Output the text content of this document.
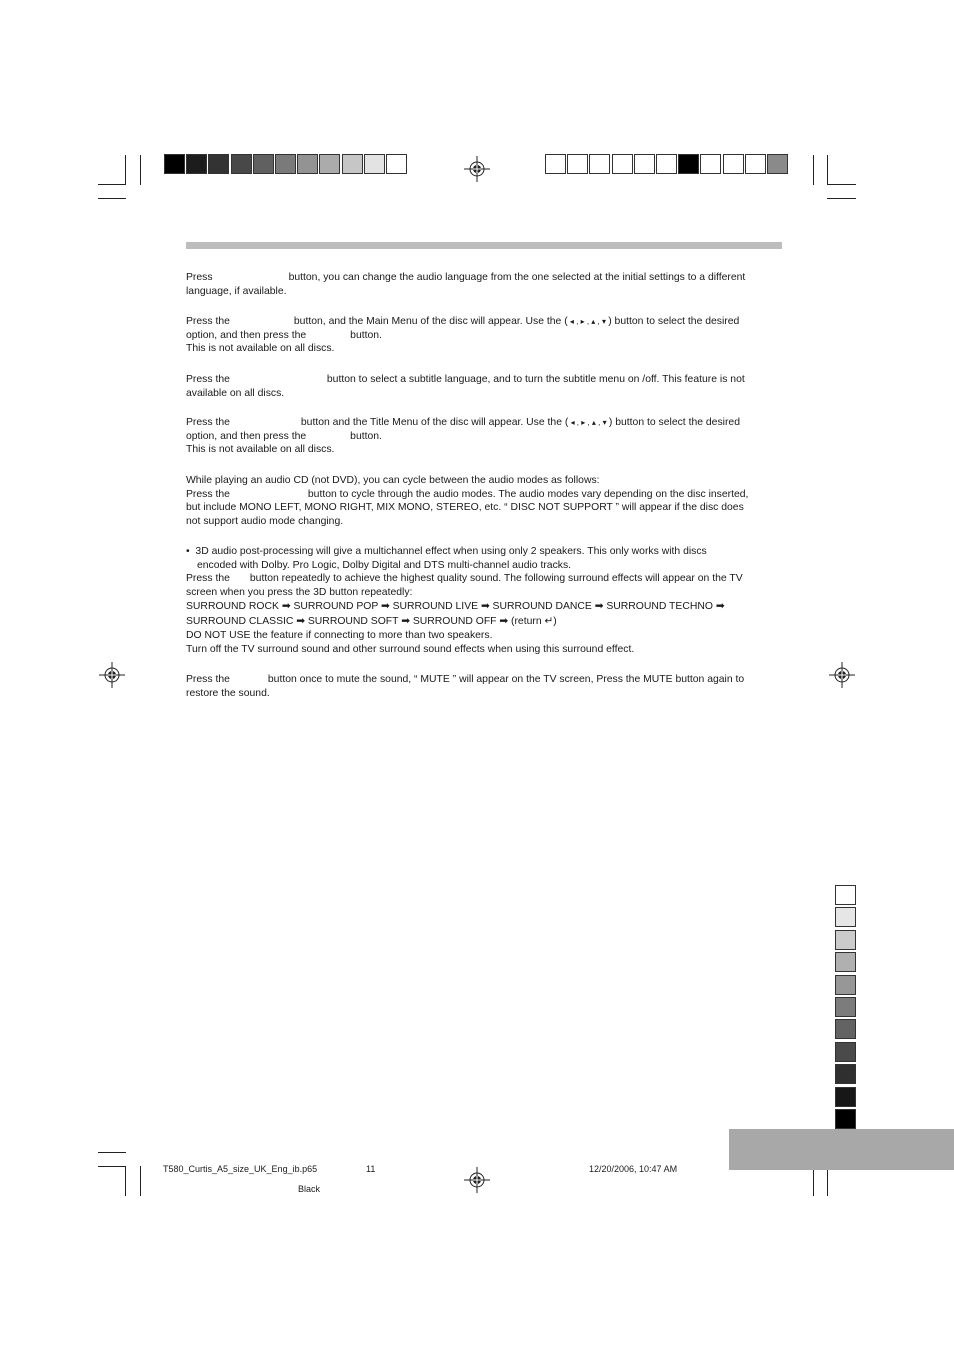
Press	button, you can change the audio language from the one selected at the initial settings to a different

language, if available.

Press the	button, and the Main Menu of the disc will appear. Use the ( ◂ , ▸ , ▴ , ▾ ) button to select the desired

option, and then press the	button.

This is not available on all discs.

Press the	button to select a subtitle language, and to turn the subtitle menu on /off. This feature is not

available on all discs.

Press the	button and the Title Menu of the disc will appear. Use the ( ◂ , ▸ , ▴ , ▾ ) button to select the desired

option, and then press the	button.

This is not available on all discs.

While playing an audio CD (not DVD), you can cycle between the audio modes as follows:

Press the	button to cycle through the audio modes. The audio modes vary depending on the disc inserted,

but include MONO LEFT, MONO RIGHT, MIX MONO, STEREO, etc. “ DISC NOT SUPPORT ” will appear if the disc does

not support audio mode changing.

•  3D audio post-processing will give a multichannel effect when using only 2 speakers. This only works with discs

encoded with Dolby. Pro Logic, Dolby Digital and DTS multi-channel audio tracks.

Press the button repeatedly to achieve the highest quality sound. The following surround effects will appear on the TV

screen when you press the 3D button repeatedly:

SURROUND ROCK ➡ SURROUND POP ➡ SURROUND LIVE ➡ SURROUND DANCE ➡ SURROUND TECHNO ➡

SURROUND CLASSIC ➡ SURROUND SOFT ➡ SURROUND OFF ➡ (return ↵)

DO NOT USE the feature if connecting to more than two speakers.

Turn off the TV surround sound and other surround sound effects when using this surround effect.

Press the	button once to mute the sound, “ MUTE ” will appear on the TV screen, Press the MUTE button again to

restore the sound.

T580_Curtis_A5_size_UK_Eng_ib.p65	11	12/20/2006, 10:47 AM
Black
